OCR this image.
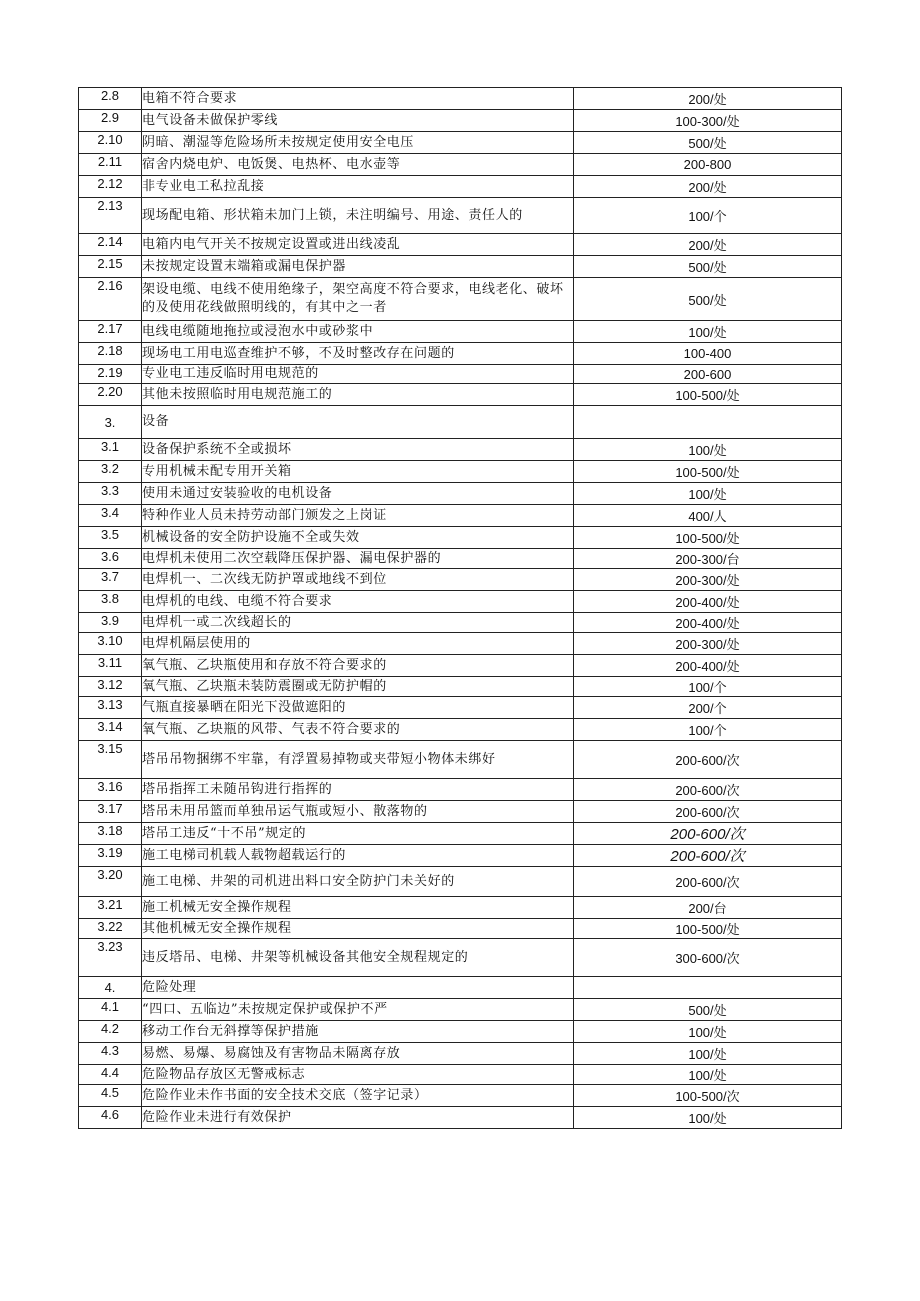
2.8	电箱不符合要求	200/处
2.9	电气设备未做保护零线	100-300/处
2.10	阴暗、潮湿等危险场所未按规定使用安全电压	500/处
2.11	宿舍内烧电炉、电饭煲、电热杯、电水壶等	200-800
2.12	非专业电工私拉乱接	200/处
2.13	现场配电箱、形状箱未加门上锁，未注明编号、用途、责任人的	100/个
2.14	电箱内电气开关不按规定设置或进出线凌乱	200/处
2.15	未按规定设置末端箱或漏电保护器	500/处
2.16	架设电缆、电线不使用绝缘子，架空高度不符合要求，电线老化、破坏的及使用花线做照明线的，有其中之一者	500/处
2.17	电线电缆随地拖拉或浸泡水中或砂浆中	100/处
2.18	现场电工用电巡查维护不够，不及时整改存在问题的	100-400
2.19	专业电工违反临时用电规范的	200-600
2.20	其他未按照临时用电规范施工的	100-500/处
3.	设备	
3.1	设备保护系统不全或损坏	100/处
3.2	专用机械未配专用开关箱	100-500/处
3.3	使用未通过安装验收的电机设备	100/处
3.4	特种作业人员未持劳动部门颁发之上岗证	400/人
3.5	机械设备的安全防护设施不全或失效	100-500/处
3.6	电焊机未使用二次空载降压保护器、漏电保护器的	200-300/台
3.7	电焊机一、二次线无防护罩或地线不到位	200-300/处
3.8	电焊机的电线、电缆不符合要求	200-400/处
3.9	电焊机一或二次线超长的	200-400/处
3.10	电焊机隔层使用的	200-300/处
3.11	氧气瓶、乙块瓶使用和存放不符合要求的	200-400/处
3.12	氧气瓶、乙块瓶未装防震圈或无防护帽的	100/个
3.13	气瓶直接暴晒在阳光下没做遮阳的	200/个
3.14	氧气瓶、乙块瓶的风带、气表不符合要求的	100/个
3.15	塔吊吊物捆绑不牢靠，有浮置易掉物或夹带短小物体未绑好	200-600/次
3.16	塔吊指挥工未随吊钩进行指挥的	200-600/次
3.17	塔吊未用吊篮而单独吊运气瓶或短小、散落物的	200-600/次
3.18	塔吊工违反“十不吊”规定的	200-600/次
3.19	施工电梯司机载人载物超载运行的	200-600/次
3.20	施工电梯、井架的司机进出料口安全防护门未关好的	200-600/次
3.21	施工机械无安全操作规程	200/台
3.22	其他机械无安全操作规程	100-500/处
3.23	违反塔吊、电梯、井架等机械设备其他安全规程规定的	300-600/次
4.	危险处理	
4.1	“四口、五临边”未按规定保护或保护不严	500/处
4.2	移动工作台无斜撑等保护措施	100/处
4.3	易燃、易爆、易腐蚀及有害物品未隔离存放	100/处
4.4	危险物品存放区无警戒标志	100/处
4.5	危险作业未作书面的安全技术交底（签字记录）	100-500/次
4.6	危险作业未进行有效保护	100/处
